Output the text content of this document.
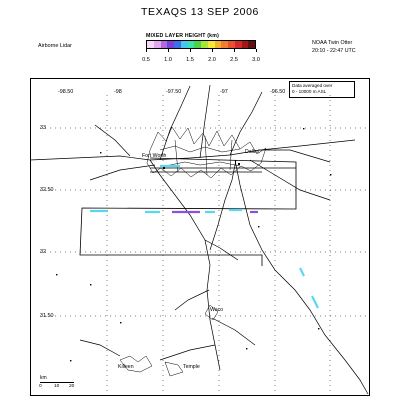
TEXAQS 13 SEP 2006
Airborne Lidar	NOAA Twin Otter
20:10 - 22:47 UTC
MIXED LAYER HEIGHT (km)
0.5	1.0	1.5	2.0	2.5	3.0
-98.50	-98	-97.50	-97	-96.50
33
32.50
32
31.50
Data averaged over
0 - 10000 m ASL
Fort Worth
Dallas
Waco
Killeen	Temple
km
0	10 20
